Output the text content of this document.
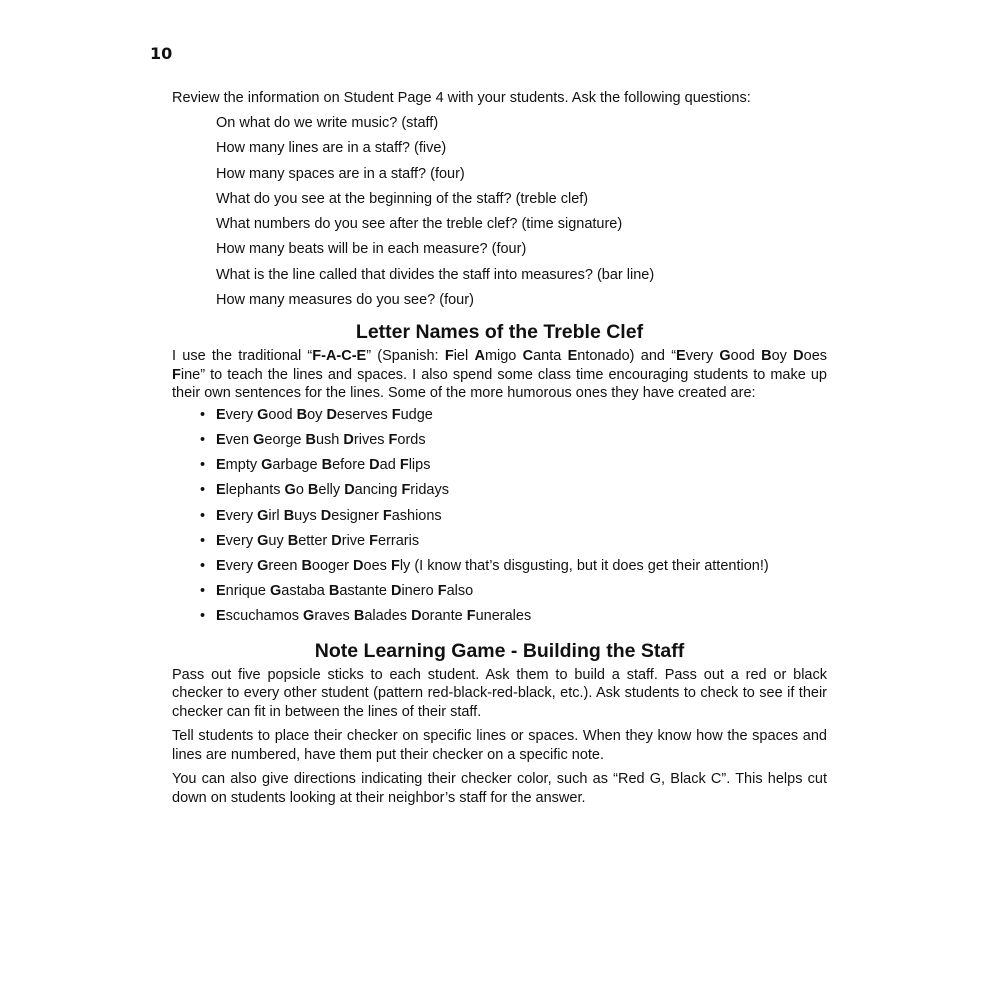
10

Review the information on Student Page 4 with your students. Ask the following questions:

On what do we write music? (staff)
How many lines are in a staff? (five)
How many spaces are in a staff? (four)
What do you see at the beginning of the staff? (treble clef)
What numbers do you see after the treble clef? (time signature)
How many beats will be in each measure? (four)
What is the line called that divides the staff into measures? (bar line)
How many measures do you see? (four)
Letter Names of the Treble Clef

I use the traditional “F-A-C-E” (Spanish: Fiel Amigo Canta Entonado) and “Every Good Boy Does Fine” to teach the lines and spaces. I also spend some class time encouraging students to make up their own sentences for the lines. Some of the more humorous ones they have created are:

• Every Good Boy Deserves Fudge
• Even George Bush Drives Fords
• Empty Garbage Before Dad Flips
• Elephants Go Belly Dancing Fridays
• Every Girl Buys Designer Fashions
• Every Guy Better Drive Ferraris
• Every Green Booger Does Fly (I know that’s disgusting, but it does get their attention!)
• Enrique Gastaba Bastante Dinero Falso
• Escuchamos Graves Balades Dorante Funerales
Note Learning Game - Building the Staff

Pass out five popsicle sticks to each student. Ask them to build a staff. Pass out a red or black checker to every other student (pattern red-black-red-black, etc.). Ask students to check to see if their checker can fit in between the lines of their staff.

Tell students to place their checker on specific lines or spaces. When they know how the spaces and lines are numbered, have them put their checker on a specific note.

You can also give directions indicating their checker color, such as “Red G, Black C”. This helps cut down on students looking at their neighbor’s staff for the answer.
